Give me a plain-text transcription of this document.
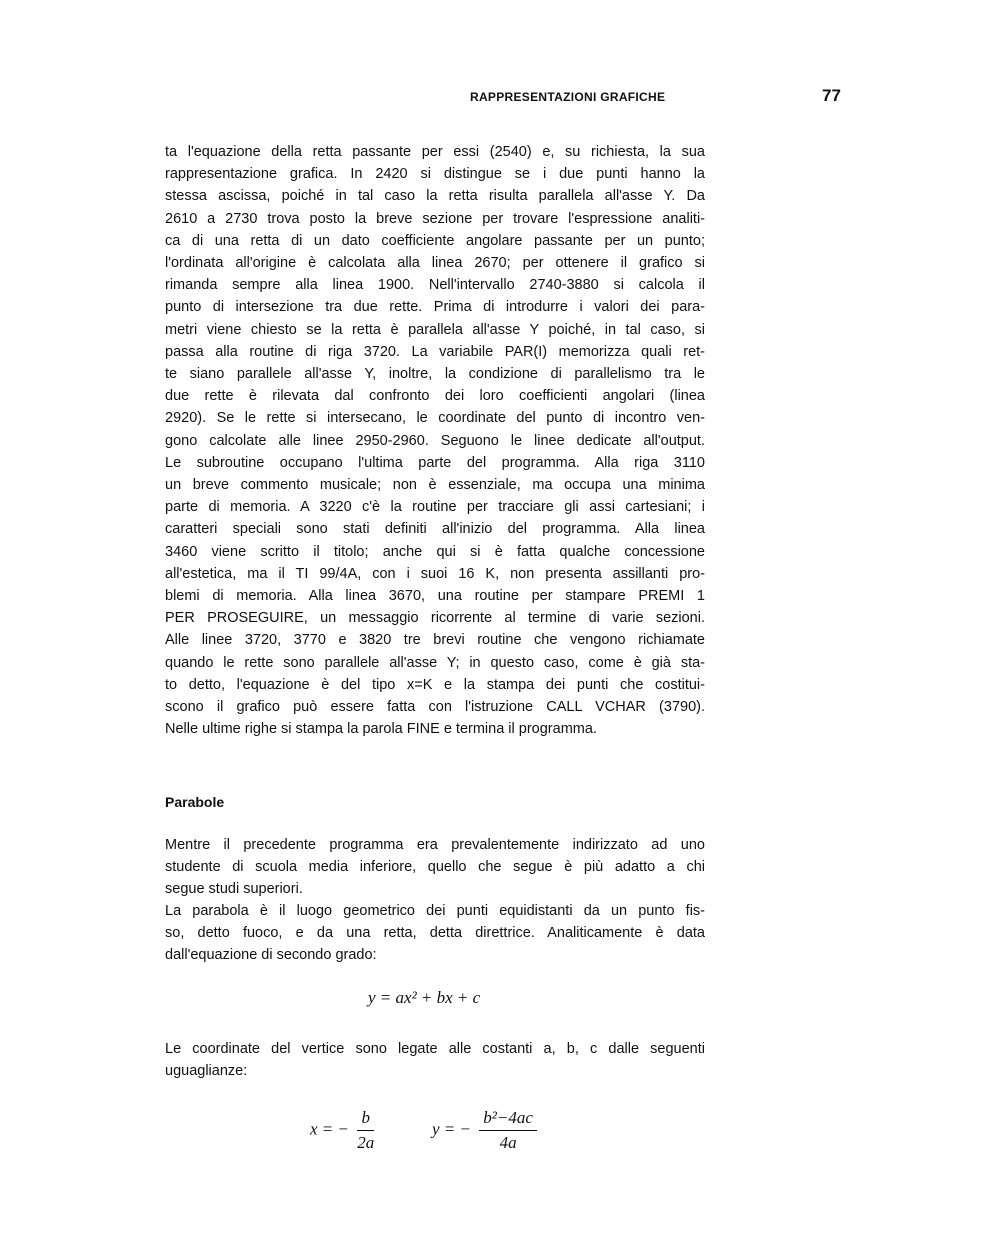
RAPPRESENTAZIONI GRAFICHE	77
ta l'equazione della retta passante per essi (2540) e, su richiesta, la sua
rappresentazione grafica. In 2420 si distingue se i due punti hanno la
stessa ascissa, poiché in tal caso la retta risulta parallela all'asse Y. Da
2610 a 2730 trova posto la breve sezione per trovare l'espressione analiti-
ca di una retta di un dato coefficiente angolare passante per un punto;
l'ordinata all'origine è calcolata alla linea 2670; per ottenere il grafico si
rimanda sempre alla linea 1900. Nell'intervallo 2740-3880 si calcola il
punto di intersezione tra due rette. Prima di introdurre i valori dei para-
metri viene chiesto se la retta è parallela all'asse Y poiché, in tal caso, si
passa alla routine di riga 3720. La variabile PAR(I) memorizza quali ret-
te siano parallele all'asse Y, inoltre, la condizione di parallelismo tra le
due rette è rilevata dal confronto dei loro coefficienti angolari (linea
2920). Se le rette si intersecano, le coordinate del punto di incontro ven-
gono calcolate alle linee 2950-2960. Seguono le linee dedicate all'output.
Le subroutine occupano l'ultima parte del programma. Alla riga 3110
un breve commento musicale; non è essenziale, ma occupa una minima
parte di memoria. A 3220 c'è la routine per tracciare gli assi cartesiani; i
caratteri speciali sono stati definiti all'inizio del programma. Alla linea
3460 viene scritto il titolo; anche qui si è fatta qualche concessione
all'estetica, ma il TI 99/4A, con i suoi 16 K, non presenta assillanti pro-
blemi di memoria. Alla linea 3670, una routine per stampare PREMI 1
PER PROSEGUIRE, un messaggio ricorrente al termine di varie sezioni.
Alle linee 3720, 3770 e 3820 tre brevi routine che vengono richiamate
quando le rette sono parallele all'asse Y; in questo caso, come è già sta-
to detto, l'equazione è del tipo x=K e la stampa dei punti che costitui-
scono il grafico può essere fatta con l'istruzione CALL VCHAR (3790).
Nelle ultime righe si stampa la parola FINE e termina il programma.
Parabole
Mentre il precedente programma era prevalentemente indirizzato ad uno
studente di scuola media inferiore, quello che segue è più adatto a chi
segue studi superiori.
La parabola è il luogo geometrico dei punti equidistanti da un punto fis-
so, detto fuoco, e da una retta, detta direttrice. Analiticamente è data
dall'equazione di secondo grado:
y = ax² + bx + c
Le coordinate del vertice sono legate alle costanti a, b, c dalle seguenti
uguaglianze:
x = − $\frac{b}{2a}$	y = − $\frac{\text{b²−4ac}}{4a}$
